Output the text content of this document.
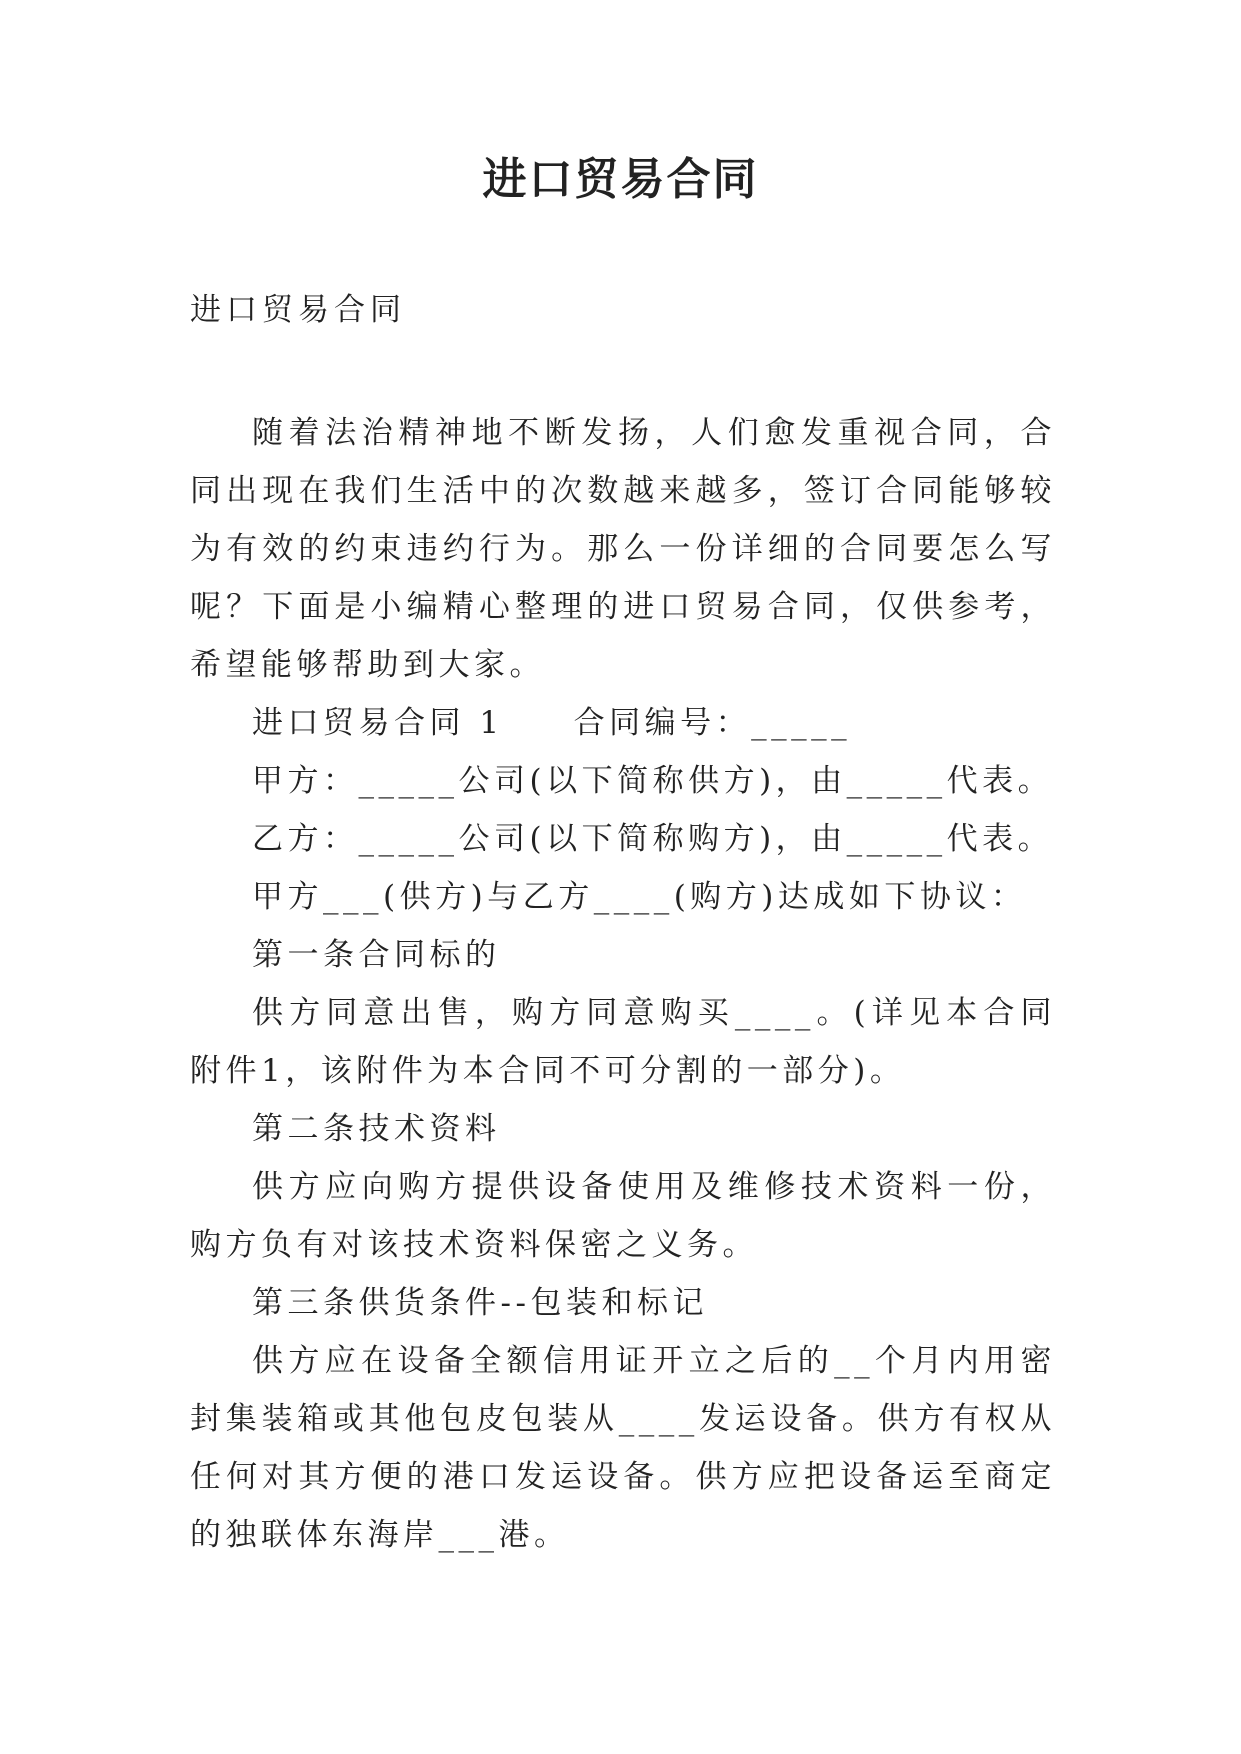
进口贸易合同

进口贸易合同

随着法治精神地不断发扬，人们愈发重视合同，合同出现在我们生活中的次数越来越多，签订合同能够较为有效的约束违约行为。那么一份详细的合同要怎么写呢？下面是小编精心整理的进口贸易合同，仅供参考，希望能够帮助到大家。

进口贸易合同 1 合同编号：_____

甲方：_____公司(以下简称供方)，由_____代表。

乙方：_____公司(以下简称购方)，由_____代表。

甲方___(供方)与乙方____(购方)达成如下协议：

第一条合同标的

供方同意出售，购方同意购买____。(详见本合同附件1，该附件为本合同不可分割的一部分)。

第二条技术资料

供方应向购方提供设备使用及维修技术资料一份，购方负有对该技术资料保密之义务。

第三条供货条件--包装和标记

供方应在设备全额信用证开立之后的__个月内用密封集装箱或其他包皮包装从____发运设备。供方有权从任何对其方便的港口发运设备。供方应把设备运至商定的独联体东海岸___港。
